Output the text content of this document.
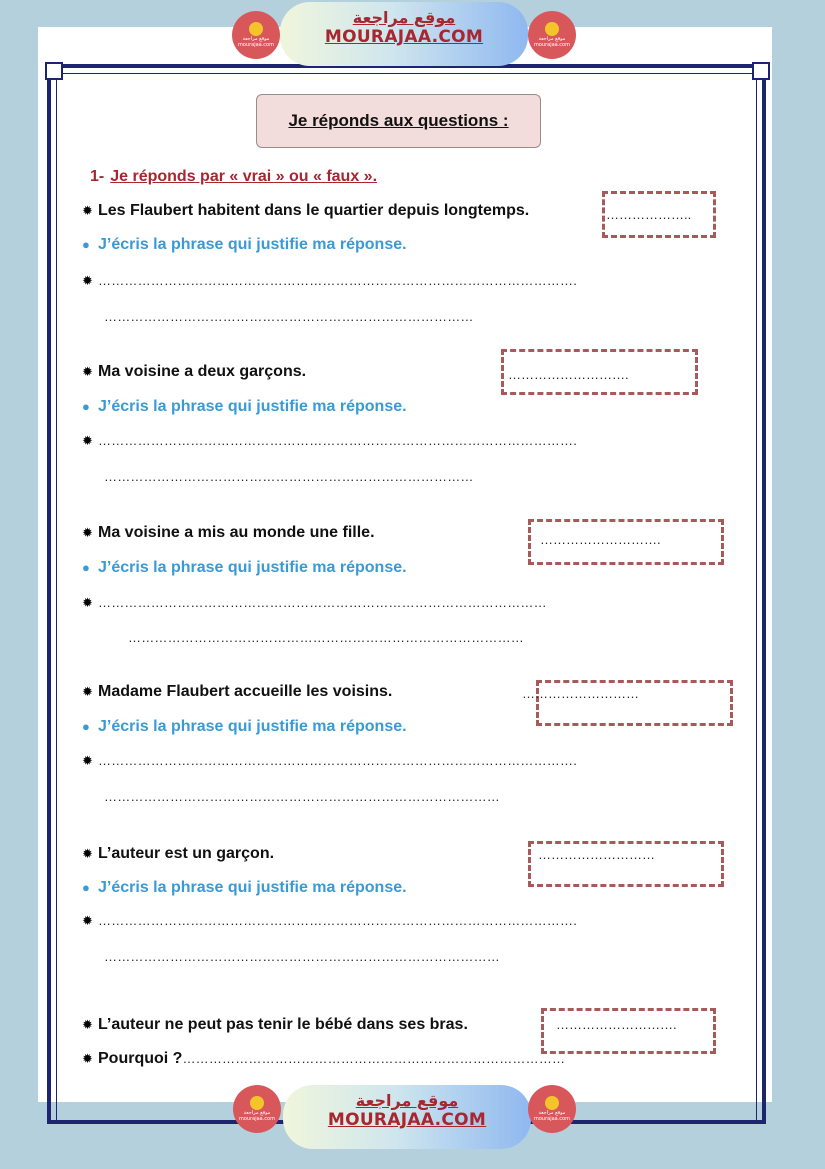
Je réponds aux questions :
1- Je réponds par « vrai » ou « faux ».
✹ Les Flaubert habitent dans le quartier depuis longtemps.	………………..
● J’écris la phrase qui justifie ma réponse.
✹ ……………………………………………………………………………………………….
…………………………………………………………………………
✹ Ma voisine a deux garçons.	……………………….
● J’écris la phrase qui justifie ma réponse.
✹ ……………………………………………………………………………………………….
…………………………………………………………………………
✹ Ma voisine a mis au monde une fille.	……………………….
● J’écris la phrase qui justifie ma réponse.
✹ …………………………………………………………………………………………
………………………………………………………………………………
✹ Madame Flaubert accueille les voisins.	………………………
● J’écris la phrase qui justifie ma réponse.
✹ ……………………………………………………………………………………………….
………………………………………………………………………………
✹ L’auteur est un garçon.	………………………
● J’écris la phrase qui justifie ma réponse.
✹ ……………………………………………………………………………………………….
………………………………………………………………………………
✹ L’auteur ne peut pas tenir le bébé dans ses bras.	……………………….
✹ Pourquoi ?……………………………………………………………………………
موقع مراجعة
mourajaa.com
موقع مراجعة
MOURAJAA.COM	موقع مراجعة
mourajaa.com
موقع مراجعة
mourajaa.com
موقع مراجعة
MOURAJAA.COM	موقع مراجعة
mourajaa.com
